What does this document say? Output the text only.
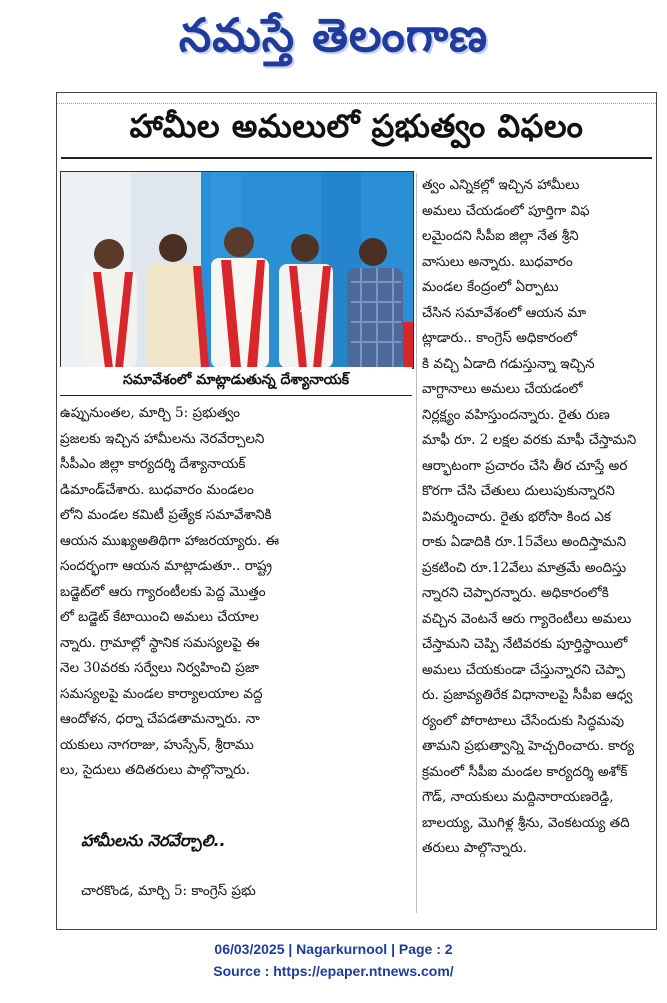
నమస్తే తెలంగాణ
హామీల అమలులో ప్రభుత్వం విఫలం
☭
☭
సమావేశంలో మాట్లాడుతున్న దేశ్యానాయక్
ఉప్పునుంతల, మార్చి 5: ప్రభుత్వం
ప్రజలకు ఇచ్చిన హామీలను నెరవేర్చాలని
సీపీఎం జిల్లా కార్యదర్శి దేశ్యానాయక్
డిమాండ్‌చేశారు. బుధవారం మండలం
లోని మండల కమిటీ ప్రత్యేక సమావేశానికి
ఆయన ముఖ్యఅతిథిగా హాజరయ్యారు. ఈ
సందర్భంగా ఆయన మాట్లాడుతూ.. రాష్ట్ర
బడ్జెట్‌లో ఆరు గ్యారంటీలకు పెద్ద మొత్తం
లో బడ్జెట్ కేటాయించి అమలు చేయాల
న్నారు. గ్రామాల్లో స్థానిక సమస్యలపై ఈ
నెల 30వరకు సర్వేలు నిర్వహించి ప్రజా
సమస్యలపై మండల కార్యాలయాల వద్ద
ఆందోళన, ధర్నా చేపడతామన్నారు. నా
యకులు నాగరాజు, హుస్సేన్, శ్రీరాము
లు, సైదులు తదితరులు పాల్గొన్నారు.
హామీలను నెరవేర్చాలి..
చారకొండ, మార్చి 5: కాంగ్రెస్ ప్రభు
త్వం ఎన్నికల్లో ఇచ్చిన హామీలు
అమలు చేయడంలో పూర్తిగా విఫ
లమైందని సీపీఐ జిల్లా నేత శ్రీని
వాసులు అన్నారు. బుధవారం
మండల కేంద్రంలో ఏర్పాటు
చేసిన సమావేశంలో ఆయన మా
ట్లాడారు.. కాంగ్రెస్ అధికారంలో
కి వచ్చి ఏడాది గడుస్తున్నా ఇచ్చిన
వాగ్దానాలు అమలు చేయడంలో
నిర్లక్ష్యం వహిస్తుందన్నారు. రైతు రుణ
మాఫీ రూ. 2 లక్షల వరకు మాఫీ చేస్తామని
ఆర్భాటంగా ప్రచారం చేసి తీర చూస్తే అర
కొరగా చేసి చేతులు దులుపుకున్నారని
విమర్శించారు. రైతు భరోసా కింద ఎక
రాకు ఏడాదికి రూ.15వేలు అందిస్తామని
ప్రకటించి రూ.12వేలు మాత్రమే అందిస్తు
న్నారని చెప్పారన్నారు. అధికారంలోకి
వచ్చిన వెంటనే ఆరు గ్యారెంటీలు అమలు
చేస్తామని చెప్పి నేటివరకు పూర్తిస్థాయిలో
అమలు చేయకుండా చేస్తున్నారని చెప్పా
రు. ప్రజావ్యతిరేక విధానాలపై సీపీఐ ఆధ్వ
ర్యంలో పోరాటాలు చేసేందుకు సిద్ధమవు
తామని ప్రభుత్వాన్ని హెచ్చరించారు. కార్య
క్రమంలో సీపీఐ మండల కార్యదర్శి అశోక్
గౌడ్, నాయకులు మద్దినారాయణరెడ్డి,
బాలయ్య, మొగిళ్ల శ్రీను, వెంకటయ్య తది
తరులు పాల్గొన్నారు.
06/03/2025 | Nagarkurnool | Page : 2
Source : https://epaper.ntnews.com/
